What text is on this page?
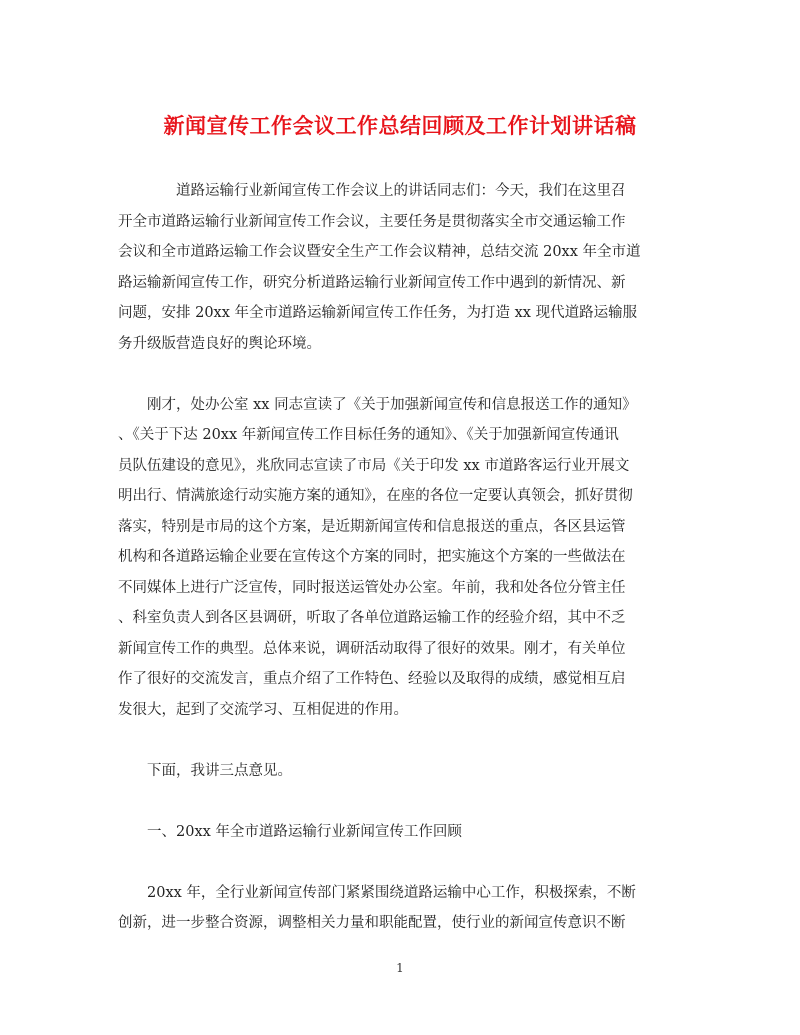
新闻宣传工作会议工作总结回顾及工作计划讲话稿
道路运输行业新闻宣传工作会议上的讲话同志们：今天，我们在这里召
开全市道路运输行业新闻宣传工作会议，主要任务是贯彻落实全市交通运输工作
会议和全市道路运输工作会议暨安全生产工作会议精神，总结交流 20xx 年全市道
路运输新闻宣传工作，研究分析道路运输行业新闻宣传工作中遇到的新情况、新
问题，安排 20xx 年全市道路运输新闻宣传工作任务，为打造 xx 现代道路运输服
务升级版营造良好的舆论环境。
刚才，处办公室 xx 同志宣读了《关于加强新闻宣传和信息报送工作的通知》
、《关于下达 20xx 年新闻宣传工作目标任务的通知》、《关于加强新闻宣传通讯
员队伍建设的意见》，兆欣同志宣读了市局《关于印发 xx 市道路客运行业开展文
明出行、情满旅途行动实施方案的通知》，在座的各位一定要认真领会，抓好贯彻
落实，特别是市局的这个方案，是近期新闻宣传和信息报送的重点，各区县运管
机构和各道路运输企业要在宣传这个方案的同时，把实施这个方案的一些做法在
不同媒体上进行广泛宣传，同时报送运管处办公室。年前，我和处各位分管主任
、科室负责人到各区县调研，听取了各单位道路运输工作的经验介绍，其中不乏
新闻宣传工作的典型。总体来说，调研活动取得了很好的效果。刚才，有关单位
作了很好的交流发言，重点介绍了工作特色、经验以及取得的成绩，感觉相互启
发很大，起到了交流学习、互相促进的作用。
下面，我讲三点意见。
一、20xx 年全市道路运输行业新闻宣传工作回顾
20xx 年，全行业新闻宣传部门紧紧围绕道路运输中心工作，积极探索，不断
创新，进一步整合资源，调整相关力量和职能配置，使行业的新闻宣传意识不断
1
